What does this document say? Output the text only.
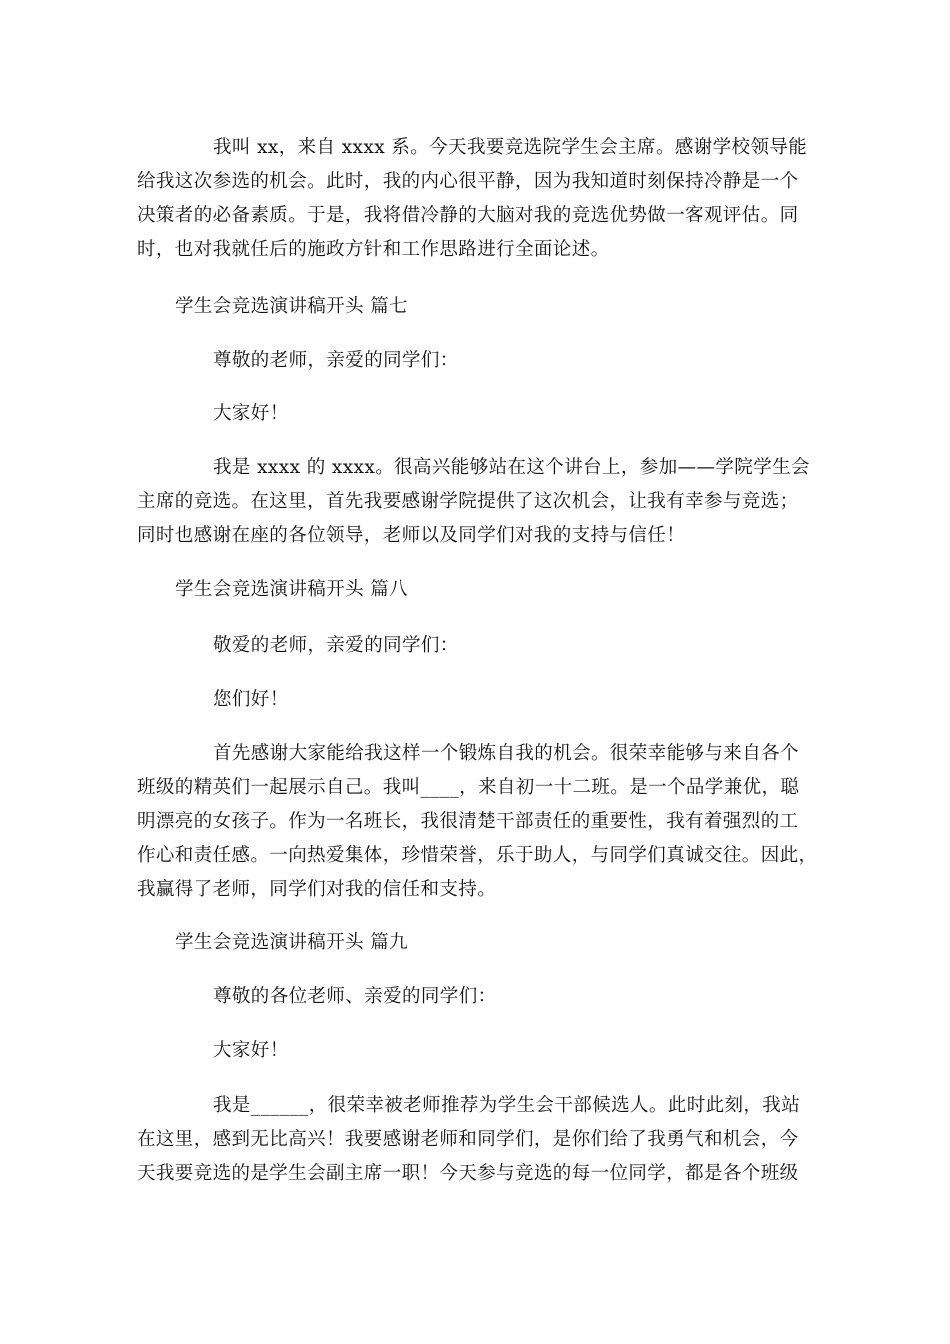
我叫 xx，来自 xxxx 系。今天我要竞选院学生会主席。感谢学校领导能
给我这次参选的机会。此时，我的内心很平静，因为我知道时刻保持冷静是一个
决策者的必备素质。于是，我将借冷静的大脑对我的竞选优势做一客观评估。同
时，也对我就任后的施政方针和工作思路进行全面论述。
学生会竞选演讲稿开头 篇七
尊敬的老师，亲爱的同学们：
大家好！
我是 xxxx 的 xxxx。很高兴能够站在这个讲台上，参加——学院学生会
主席的竞选。在这里，首先我要感谢学院提供了这次机会，让我有幸参与竞选；
同时也感谢在座的各位领导，老师以及同学们对我的支持与信任！
学生会竞选演讲稿开头 篇八
敬爱的老师，亲爱的同学们：
您们好！
首先感谢大家能给我这样一个锻炼自我的机会。很荣幸能够与来自各个
班级的精英们一起展示自己。我叫____，来自初一十二班。是一个品学兼优，聪
明漂亮的女孩子。作为一名班长，我很清楚干部责任的重要性，我有着强烈的工
作心和责任感。一向热爱集体，珍惜荣誉，乐于助人，与同学们真诚交往。因此，
我赢得了老师，同学们对我的信任和支持。
学生会竞选演讲稿开头 篇九
尊敬的各位老师、亲爱的同学们：
大家好！
我是______，很荣幸被老师推荐为学生会干部候选人。此时此刻，我站
在这里，感到无比高兴！我要感谢老师和同学们，是你们给了我勇气和机会，今
天我要竞选的是学生会副主席一职！今天参与竞选的每一位同学，都是各个班级
